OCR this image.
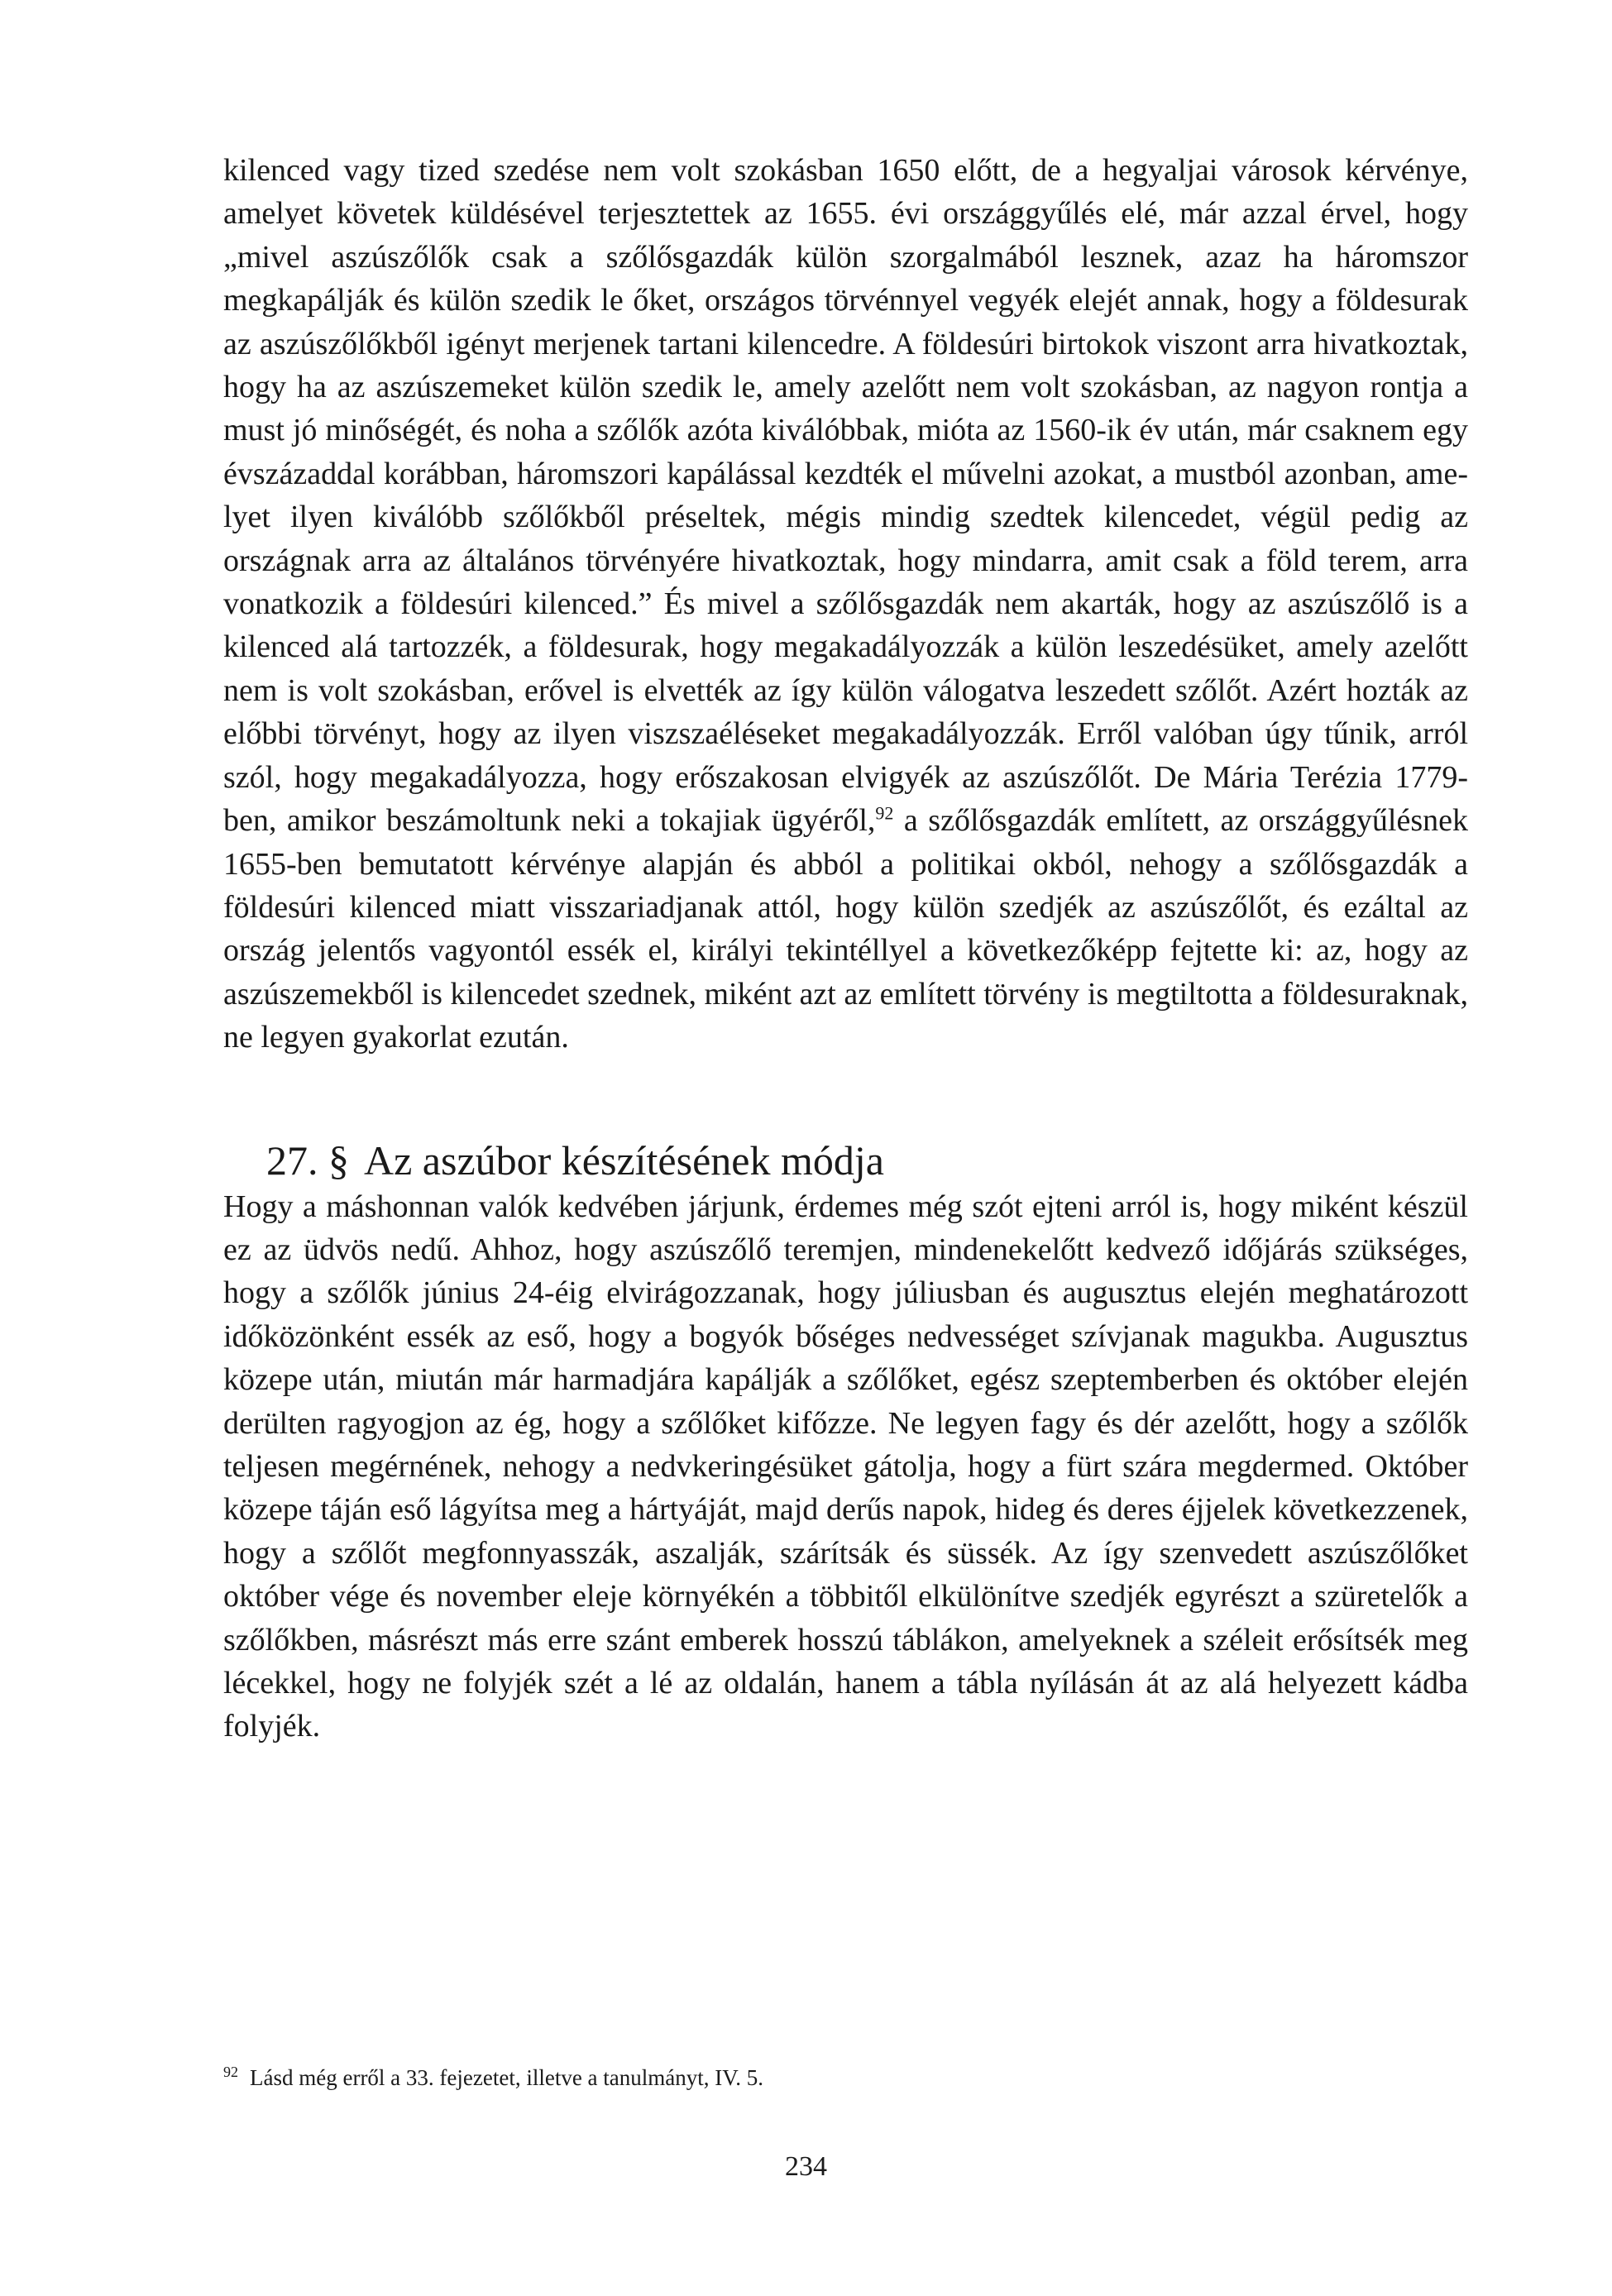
kilenced vagy tized szedése nem volt szokásban 1650 előtt, de a hegyaljai városok kérvénye, amelyet követek küldésével terjesztettek az 1655. évi országgyűlés elé, már azzal érvel, hogy „mivel aszúszőlők csak a szőlősgazdák külön szorgalmából lesznek, azaz ha háromszor megkapálják és külön szedik le őket, országos törvénnyel vegyék elejét annak, hogy a földesurak az aszúszőlőkből igényt merjenek tartani kilencedre. A földesúri birtokok viszont arra hivatkoztak, hogy ha az aszúszemeket külön szedik le, amely azelőtt nem volt szokásban, az nagyon rontja a must jó minőségét, és noha a szőlők azóta kiválóbbak, mióta az 1560-ik év után, már csaknem egy évszázaddal korábban, háromszori kapálással kezdték el művelni azokat, a mustból azonban, amelyet ilyen kiválóbb szőlőkből préseltek, mégis mindig szedtek kilencedet, végül pedig az országnak arra az általános törvényére hivatkoztak, hogy mindarra, amit csak a föld terem, arra vonatkozik a földesúri kilenced.” És mivel a szőlősgazdák nem akarták, hogy az aszúszőlő is a kilenced alá tartozzék, a földesurak, hogy megakadályozzák a külön leszedésüket, amely azelőtt nem is volt szokásban, erővel is elvették az így külön válogatva leszedett szőlőt. Azért hozták az előbbi törvényt, hogy az ilyen viszszaéléseket megakadályozzák. Erről valóban úgy tűnik, arról szól, hogy megakadályozza, hogy erőszakosan elvigyék az aszúszőlőt. De Mária Terézia 1779-ben, amikor beszámoltunk neki a tokajiak ügyéről,$^{92}$ a szőlősgazdák említett, az országgyűlésnek 1655-ben bemutatott kérvénye alapján és abból a politikai okból, nehogy a szőlősgazdák a földesúri kilenced miatt visszariadjanak attól, hogy külön szedjék az aszúszőlőt, és ezáltal az ország jelentős vagyontól essék el, királyi tekintéllyel a következőképp fejtette ki: az, hogy az aszúszemekből is kilencedet szednek, miként azt az említett törvény is megtiltotta a földesuraknak, ne legyen gyakorlat ezután.

27. § Az aszúbor készítésének módja

Hogy a máshonnan valók kedvében járjunk, érdemes még szót ejteni arról is, hogy miként készül ez az üdvös nedű. Ahhoz, hogy aszúszőlő teremjen, mindenekelőtt kedvező időjárás szükséges, hogy a szőlők június 24-éig elvirágozzanak, hogy júliusban és augusztus elején meghatározott időközönként essék az eső, hogy a bogyók bőséges nedvességet szívjanak magukba. Augusztus közepe után, miután már harmadjára kapálják a szőlőket, egész szeptemberben és október elején derülten ragyogjon az ég, hogy a szőlőket kifőzze. Ne legyen fagy és dér azelőtt, hogy a szőlők teljesen megérnének, nehogy a nedvkeringésüket gátolja, hogy a fürt szára megdermed. Október közepe táján eső lágyítsa meg a hártyáját, majd derűs napok, hideg és deres éjjelek következzenek, hogy a szőlőt megfonnyasszák, aszalják, szárítsák és süssék. Az így szenvedett aszúszőlőket október vége és november eleje környékén a többitől elkülönítve szedjék egyrészt a szüretelők a szőlőkben, másrészt más erre szánt emberek hosszú táblákon, amelyeknek a széleit erősítsék meg lécekkel, hogy ne folyjék szét a lé az oldalán, hanem a tábla nyílásán át az alá helyezett kádba folyjék.

$^{92}$ Lásd még erről a 33. fejezetet, illetve a tanulmányt, IV. 5.
234
